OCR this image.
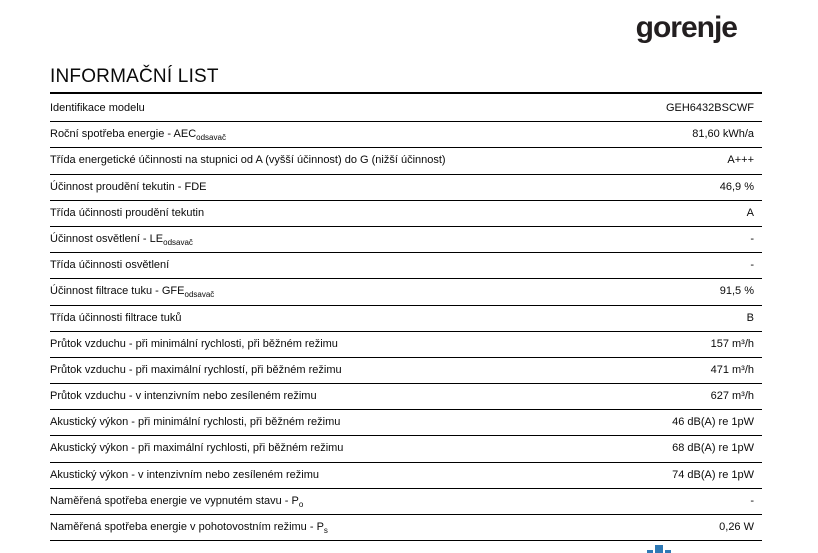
gorenje
INFORMAČNÍ LIST
Identifikace modelu	GEH6432BSCWF
Roční spotřeba energie - $AEC_{odsavač}$	81,60 kWh/a
Třída energetické účinnosti na stupnici od A (vyšší účinnost) do G (nižší účinnost)	A+++
Účinnost proudění tekutin - FDE	46,9 %
Třída účinnosti proudění tekutin	A
Účinnost osvětlení - $LE_{odsavač}$	-
Třída účinnosti osvětlení	-
Účinnost filtrace tuku - $GFE_{odsavač}$	91,5 %
Třída účinnosti filtrace tuků	B
Průtok vzduchu - při minimální rychlosti, při běžném režimu	157 m³/h
Průtok vzduchu - při maximální rychlostí, při běžném režimu	471 m³/h
Průtok vzduchu - v intenzivním nebo zesíleném režimu	627 m³/h
Akustický výkon - při minimální rychlosti, při běžném režimu	46 dB(A) re 1pW
Akustický výkon - při maximální rychlosti, při běžném režimu	68 dB(A) re 1pW
Akustický výkon - v intenzivním nebo zesíleném režimu	74 dB(A) re 1pW
Naměřená spotřeba energie ve vypnutém stavu - $P_o$	-
Naměřená spotřeba energie v pohotovostním režimu - $P_s$	0,26 W
